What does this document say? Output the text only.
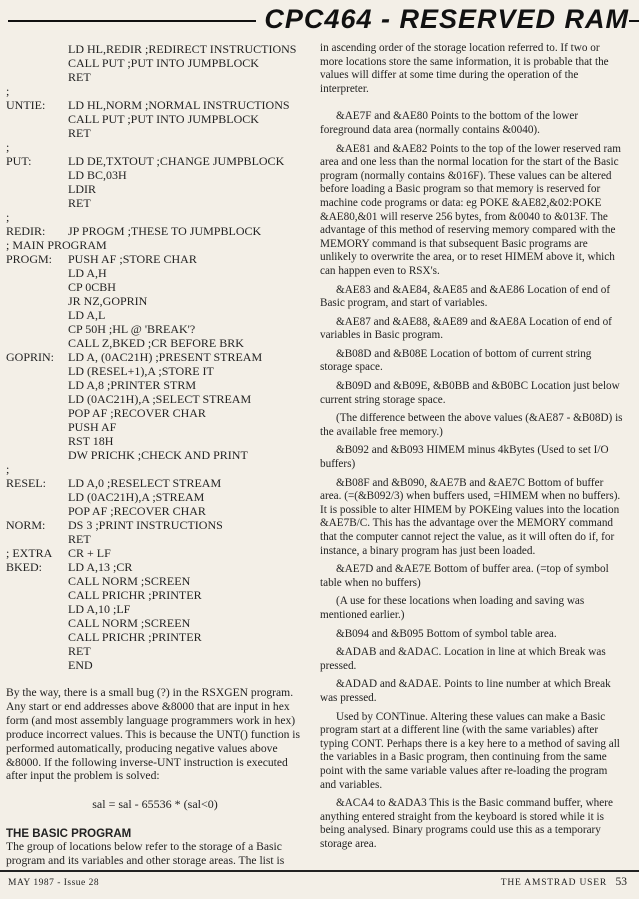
CPC464 - RESERVED RAM
LD HL,REDIR ;REDIRECT INSTRUCTIONS
CALL PUT ;PUT INTO JUMPBLOCK
RET
;
UNTIE:	LD HL,NORM ;NORMAL INSTRUCTIONS
CALL PUT ;PUT INTO JUMPBLOCK
RET
;
PUT:	LD DE,TXTOUT ;CHANGE JUMPBLOCK
LD BC,03H
LDIR
RET
;
REDIR:	JP PROGM ;THESE TO JUMPBLOCK
; MAIN PROGRAM
PROGM:	PUSH AF ;STORE CHAR
LD A,H
CP 0CBH
JR NZ,GOPRIN
LD A,L
CP 50H ;HL @ 'BREAK'?
CALL Z,BKED ;CR BEFORE BRK
GOPRIN:	LD A, (0AC21H) ;PRESENT STREAM
LD (RESEL+1),A ;STORE IT
LD A,8 ;PRINTER STRM
LD (0AC21H),A ;SELECT STREAM
POP AF ;RECOVER CHAR
PUSH AF
RST 18H
DW PRICHK ;CHECK AND PRINT
;
RESEL:	LD A,0 ;RESELECT STREAM
LD (0AC21H),A ;STREAM
POP AF ;RECOVER CHAR
NORM:	DS 3 ;PRINT INSTRUCTIONS
RET
; EXTRA	CR + LF
BKED:	LD A,13 ;CR
CALL NORM ;SCREEN
CALL PRICHR ;PRINTER
LD A,10 ;LF
CALL NORM ;SCREEN
CALL PRICHR ;PRINTER
RET
END

By the way, there is a small bug (?) in the RSXGEN program. Any start or end addresses above &8000 that are input in hex form (and most assembly language programmers work in hex) produce incorrect values. This is because the UNT() function is performed automatically, producing negative values above &8000. If the following inverse-UNT instruction is executed after input the problem is solved:

sal = sal - 65536 * (sal<0)
THE BASIC PROGRAM

The group of locations below refer to the storage of a Basic program and its variables and other storage areas. The list is

in ascending order of the storage location referred to. If two or more locations store the same information, it is probable that the values will differ at some time during the operation of the interpreter.

&AE7F and &AE80 Points to the bottom of the lower foreground data area (normally contains &0040).

&AE81 and &AE82 Points to the top of the lower reserved ram area and one less than the normal location for the start of the Basic program (normally contains &016F). These values can be altered before loading a Basic program so that memory is reserved for machine code programs or data: eg POKE &AE82,&02:POKE &AE80,&01 will reserve 256 bytes, from &0040 to &013F. The advantage of this method of reserving memory compared with the MEMORY command is that subsequent Basic programs are unlikely to overwrite the area, or to reset HIMEM above it, which can happen even to RSX's.

&AE83 and &AE84, &AE85 and &AE86 Location of end of Basic program, and start of variables.

&AE87 and &AE88, &AE89 and &AE8A Location of end of variables in Basic program.

&B08D and &B08E Location of bottom of current string storage space.

&B09D and &B09E, &B0BB and &B0BC Location just below current string storage space.

(The difference between the above values (&AE87 - &B08D) is the available free memory.)

&B092 and &B093 HIMEM minus 4kBytes (Used to set I/O buffers)

&B08F and &B090, &AE7B and &AE7C Bottom of buffer area. (=(&B092/3) when buffers used, =HIMEM when no buffers). It is possible to alter HIMEM by POKEing values into the location &AE7B/C. This has the advantage over the MEMORY command that the computer cannot reject the value, as it will often do if, for instance, a binary program has just been loaded.

&AE7D and &AE7E Bottom of buffer area. (=top of symbol table when no buffers)

(A use for these locations when loading and saving was mentioned earlier.)

&B094 and &B095 Bottom of symbol table area.

&ADAB and &ADAC. Location in line at which Break was pressed.

&ADAD and &ADAE. Points to line number at which Break was pressed.

Used by CONTinue. Altering these values can make a Basic program start at a different line (with the same variables) after typing CONT. Perhaps there is a key here to a method of saving all the variables in a Basic program, then continuing from the same point with the same variable values after re-loading the program and variables.

&ACA4 to &ADA3 This is the Basic command buffer, where anything entered straight from the keyboard is stored while it is being analysed. Binary programs could use this as a temporary storage area.

MAY 1987 - Issue 28	THE AMSTRAD USER 53
